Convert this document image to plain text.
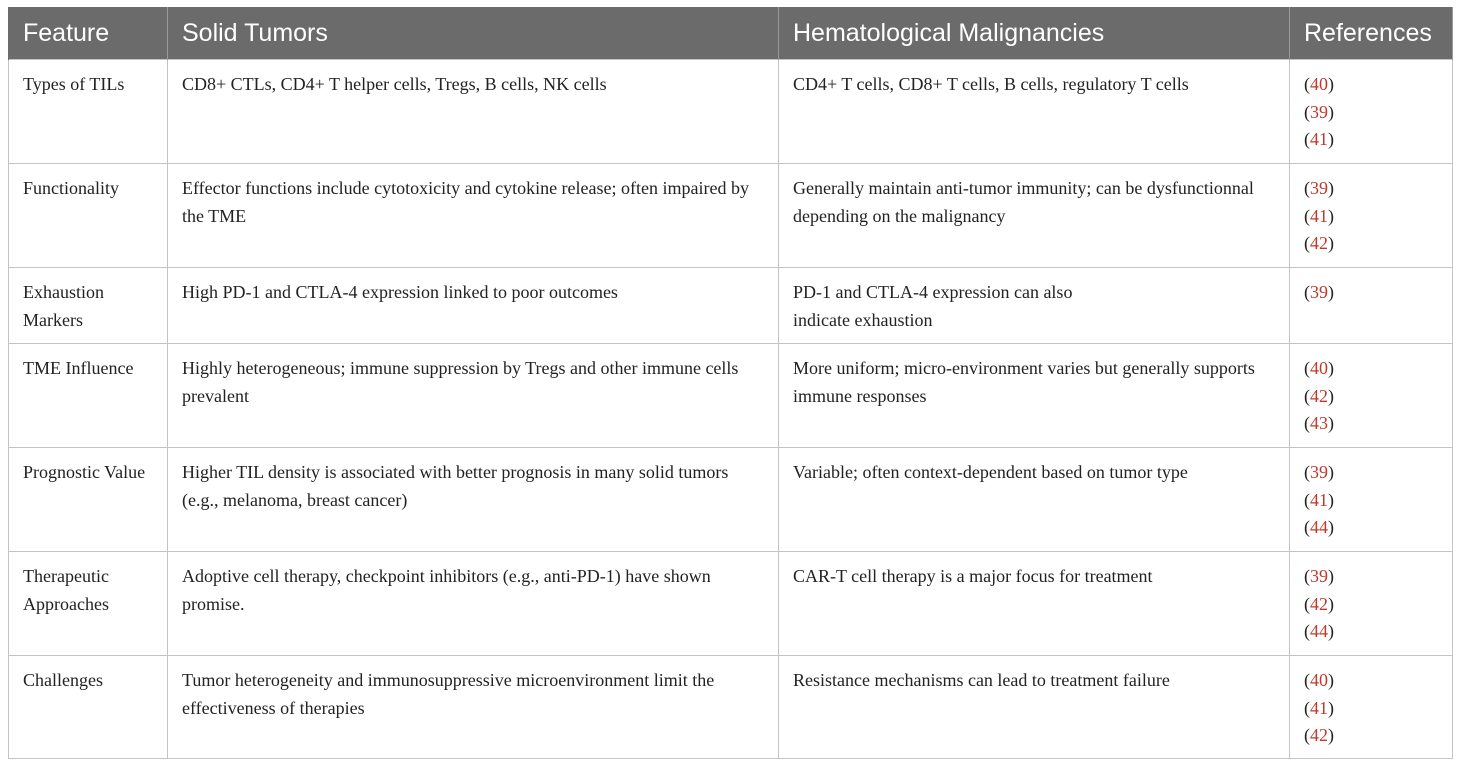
Feature	Solid Tumors	Hematological Malignancies	References
Types of TILs	CD8+ CTLs, CD4+ T helper cells, Tregs, B cells, NK cells	CD4+ T cells, CD8+ T cells, B cells, regulatory T cells	(40)
(39)
(41)

Functionality	Effector functions include cytotoxicity and cytokine release; often impaired by the TME	Generally maintain anti-tumor immunity; can be dysfunctionnal depending on the malignancy	(39)
(41)
(42)

Exhaustion Markers	High PD-1 and CTLA-4 expression linked to poor outcomes	PD-1 and CTLA-4 expression can also indicate exhaustion	(39)

TME Influence	Highly heterogeneous; immune suppression by Tregs and other immune cells prevalent	More uniform; micro-environment varies but generally supports immune responses	(40)
(42)
(43)

Prognostic Value	Higher TIL density is associated with better prognosis in many solid tumors (e.g., melanoma, breast cancer)	Variable; often context-dependent based on tumor type	(39)
(41)
(44)

Therapeutic Approaches	Adoptive cell therapy, checkpoint inhibitors (e.g., anti-PD-1) have shown promise.	CAR-T cell therapy is a major focus for treatment	(39)
(42)
(44)

Challenges	Tumor heterogeneity and immunosuppressive microenvironment limit the effectiveness of therapies	Resistance mechanisms can lead to treatment failure	(40)
(41)
(42)
